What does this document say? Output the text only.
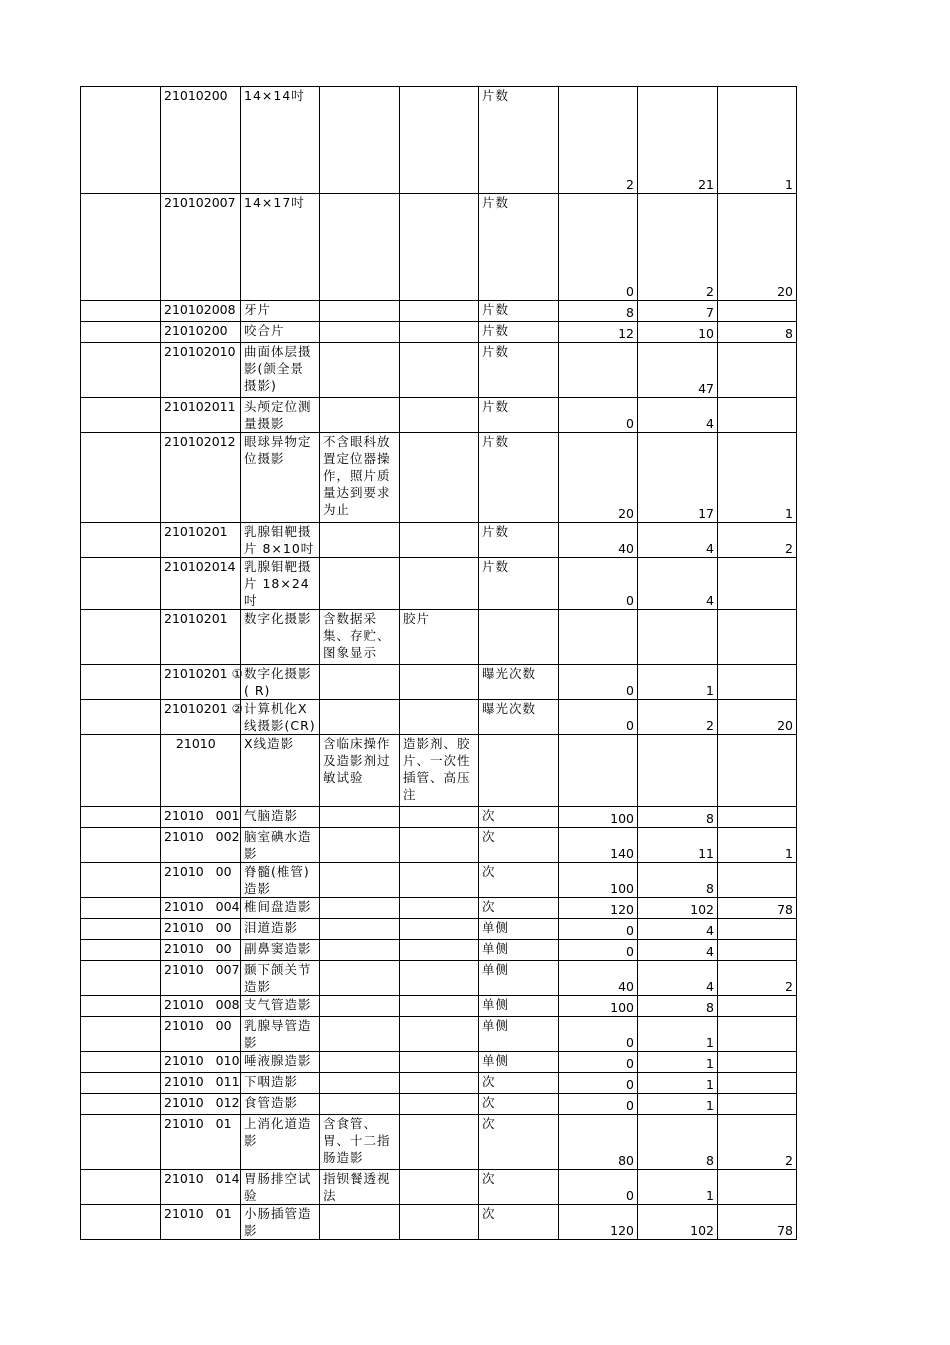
	21010200	14×14吋			片数	2	21	1
	210102007	14×17吋			片数	0	2	20
	210102008	牙片			片数	8	7	
	21010200	咬合片			片数	12	10	8
	210102010	曲面体层摄影(颌全景摄影)			片数		47	
	210102011	头颅定位测量摄影			片数	0	4	
	210102012	眼球异物定位摄影	不含眼科放置定位器操作，照片质量达到要求为止		片数	20	17	1
	21010201	乳腺钼靶摄片 8×10吋			片数	40	4	2
	210102014	乳腺钼靶摄片 18×24吋			片数	0	4	
	21010201	数字化摄影	含数据采集、存贮、图象显示	胶片				
	21010201 ①	数字化摄影( R)			曝光次数	0	1	
	21010201 ②	计算机化X线摄影(CR)			曝光次数	0	2	20
	21010	X线造影	含临床操作及造影剂过敏试验	造影剂、胶片、一次性插管、高压注				
	21010   001	气脑造影			次	100	8	
	21010   002	脑室碘水造影			次	140	11	1
	21010   00	脊髓(椎管)造影			次	100	8	
	21010   004	椎间盘造影			次	120	102	78
	21010   00	泪道造影			单侧	0	4	
	21010   00	副鼻窦造影			单侧	0	4	
	21010   007	颞下颌关节造影			单侧	40	4	2
	21010   008	支气管造影			单侧	100	8	
	21010   00	乳腺导管造影			单侧	0	1	
	21010   010	唾液腺造影			单侧	0	1	
	21010   011	下咽造影			次	0	1	
	21010   012	食管造影			次	0	1	
	21010   01	上消化道造影	含食管、胃、十二指肠造影		次	80	8	2
	21010   014	胃肠排空试验	指钡餐透视法		次	0	1	
	21010   01	小肠插管造影			次	120	102	78
